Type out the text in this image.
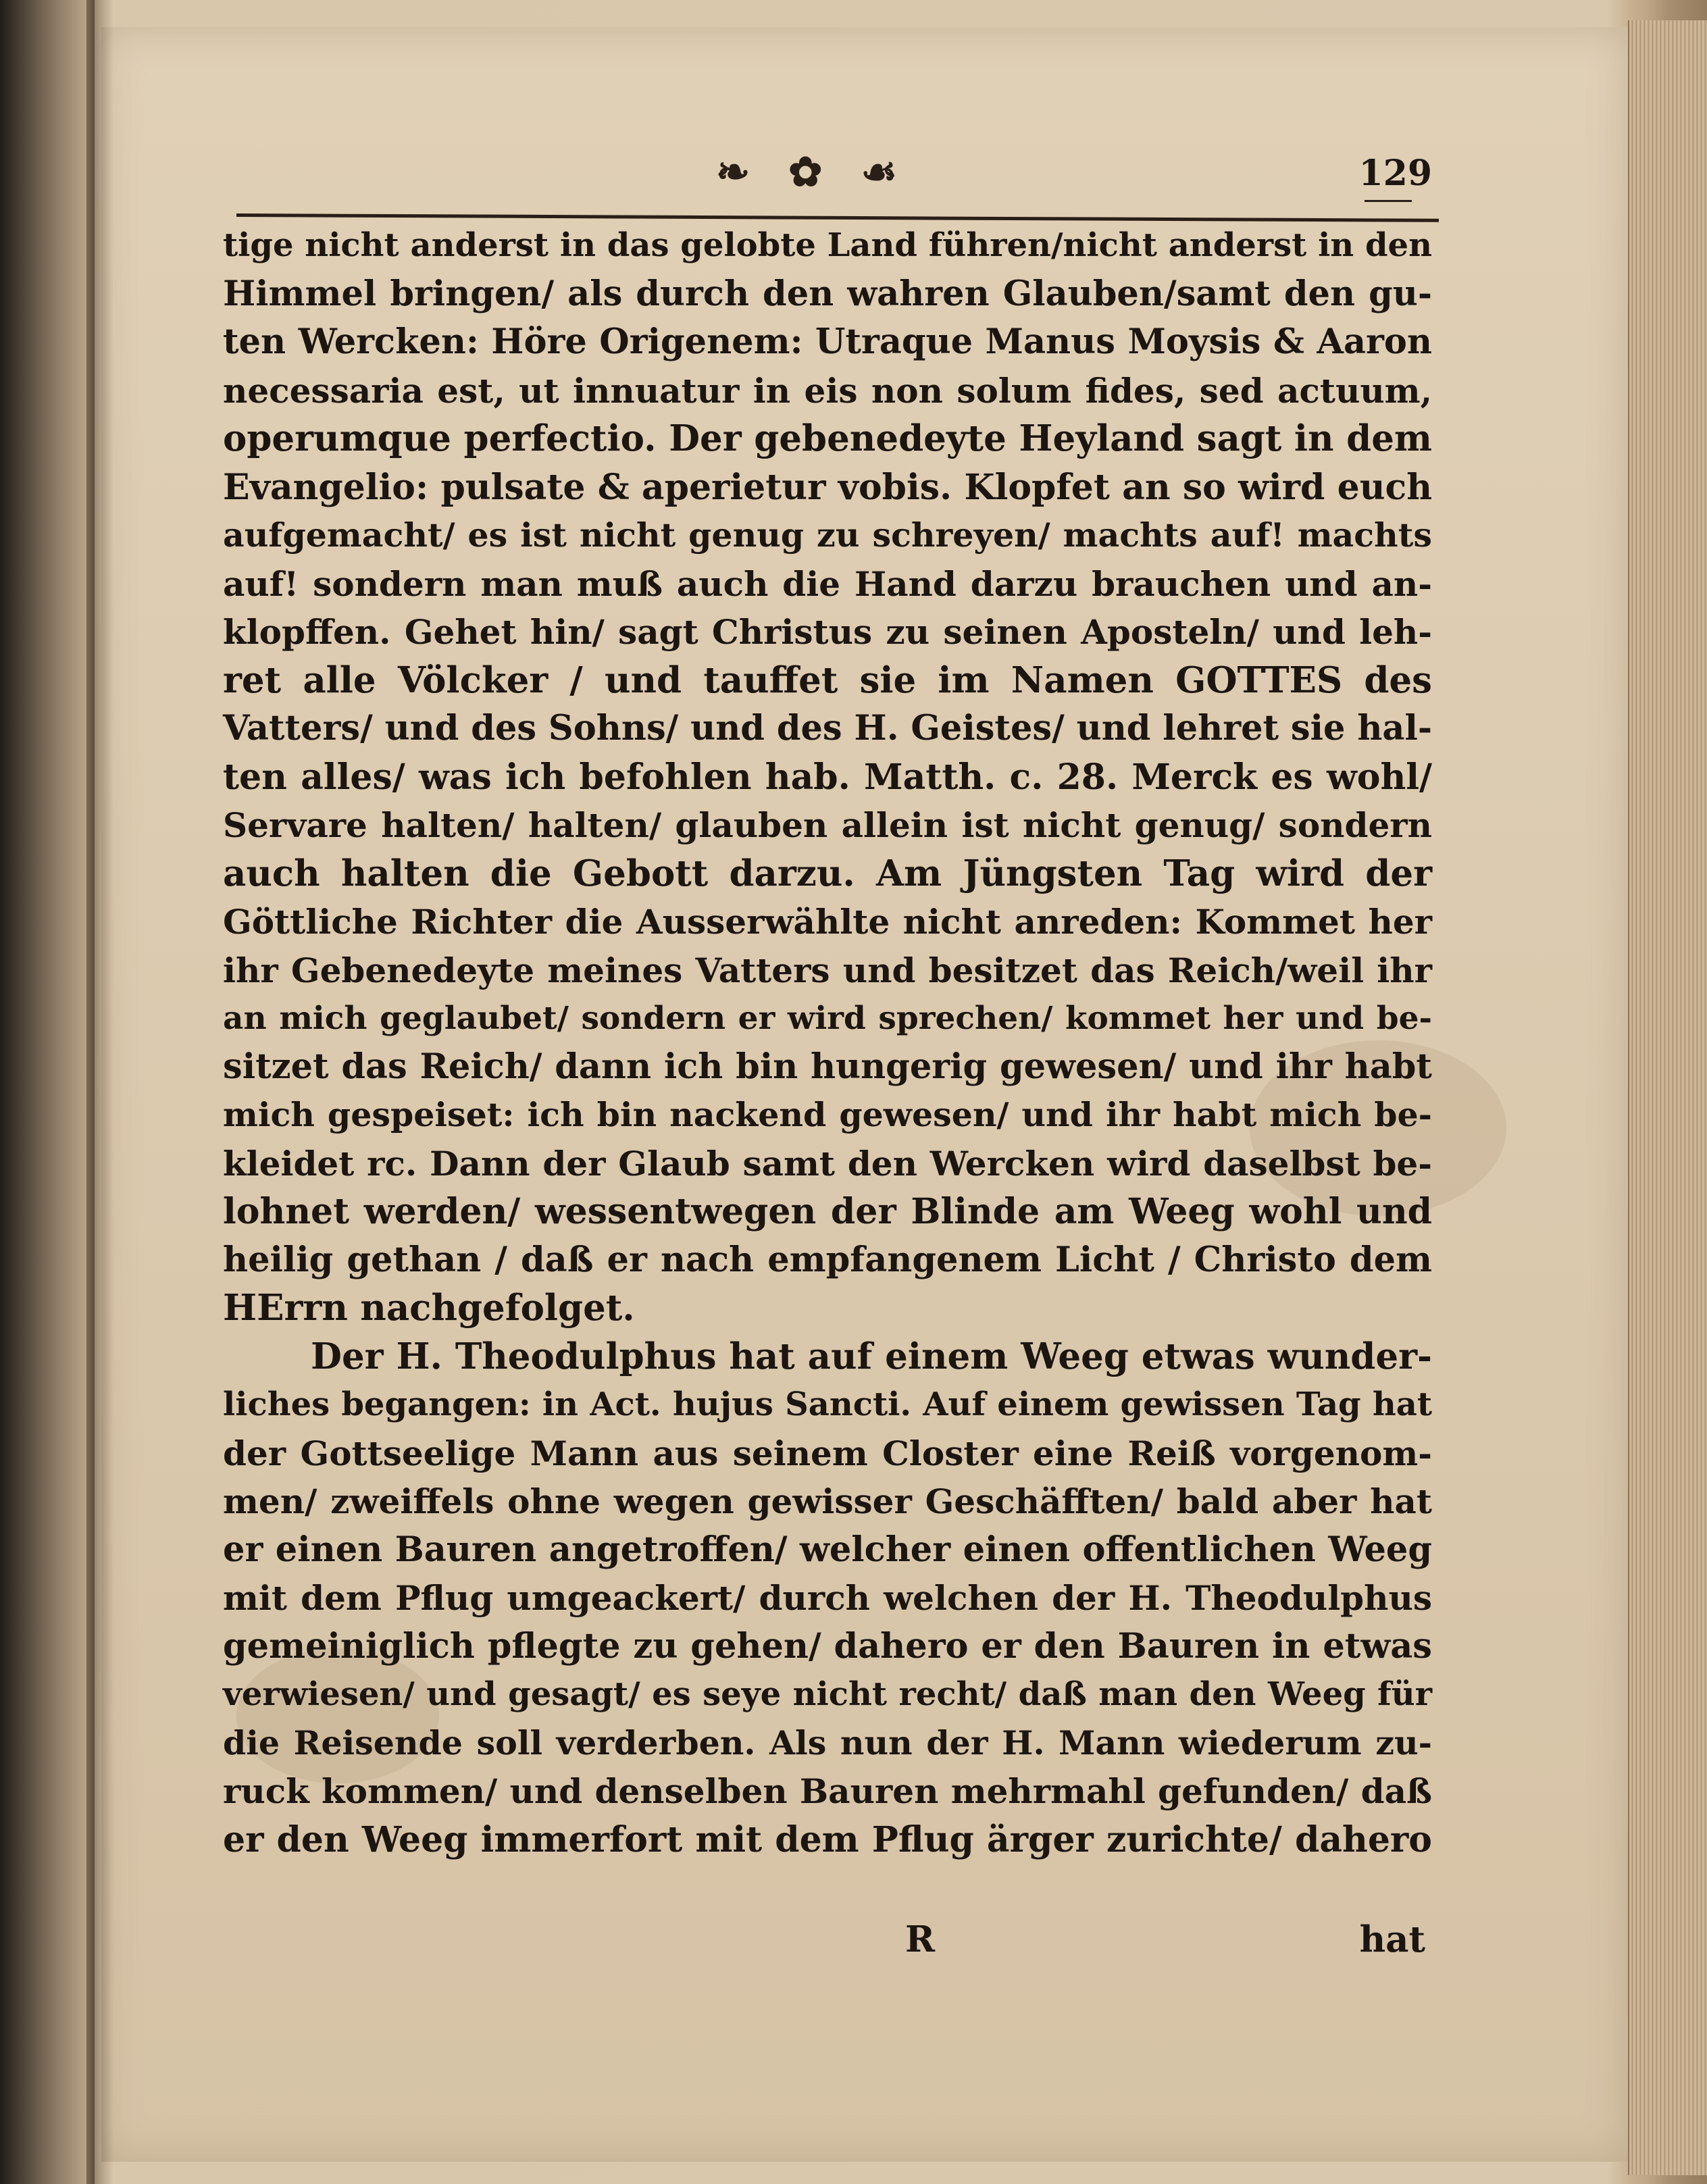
❧ ✿ ☙	129
tige nicht anderst in das gelobte Land führen/nicht anderst in den
Himmel bringen/ als durch den wahren Glauben/samt den gu-
ten Wercken: Höre Origenem: Utraque Manus Moysis & Aaron
necessaria est, ut innuatur in eis non solum fides, sed actuum,
operumque perfectio. Der gebenedeyte Heyland sagt in dem
Evangelio: pulsate & aperietur vobis. Klopfet an so wird euch
aufgemacht/ es ist nicht genug zu schreyen/ machts auf! machts
auf! sondern man muß auch die Hand darzu brauchen und an-
klopffen. Gehet hin/ sagt Christus zu seinen Aposteln/ und leh-
ret alle Völcker / und tauffet sie im Namen GOTTES des
Vatters/ und des Sohns/ und des H. Geistes/ und lehret sie hal-
ten alles/ was ich befohlen hab. Matth. c. 28. Merck es wohl/
Servare halten/ halten/ glauben allein ist nicht genug/ sondern
auch halten die Gebott darzu. Am Jüngsten Tag wird der
Göttliche Richter die Ausserwählte nicht anreden: Kommet her
ihr Gebenedeyte meines Vatters und besitzet das Reich/weil ihr
an mich geglaubet/ sondern er wird sprechen/ kommet her und be-
sitzet das Reich/ dann ich bin hungerig gewesen/ und ihr habt
mich gespeiset: ich bin nackend gewesen/ und ihr habt mich be-
kleidet rc. Dann der Glaub samt den Wercken wird daselbst be-
lohnet werden/ wessentwegen der Blinde am Weeg wohl und
heilig gethan / daß er nach empfangenem Licht / Christo dem
HErrn nachgefolget.
Der H. Theodulphus hat auf einem Weeg etwas wunder-
liches begangen: in Act. hujus Sancti. Auf einem gewissen Tag hat
der Gottseelige Mann aus seinem Closter eine Reiß vorgenom-
men/ zweiffels ohne wegen gewisser Geschäfften/ bald aber hat
er einen Bauren angetroffen/ welcher einen offentlichen Weeg
mit dem Pflug umgeackert/ durch welchen der H. Theodulphus
gemeiniglich pflegte zu gehen/ dahero er den Bauren in etwas
verwiesen/ und gesagt/ es seye nicht recht/ daß man den Weeg für
die Reisende soll verderben. Als nun der H. Mann wiederum zu-
ruck kommen/ und denselben Bauren mehrmahl gefunden/ daß
er den Weeg immerfort mit dem Pflug ärger zurichte/ dahero
R	hat
